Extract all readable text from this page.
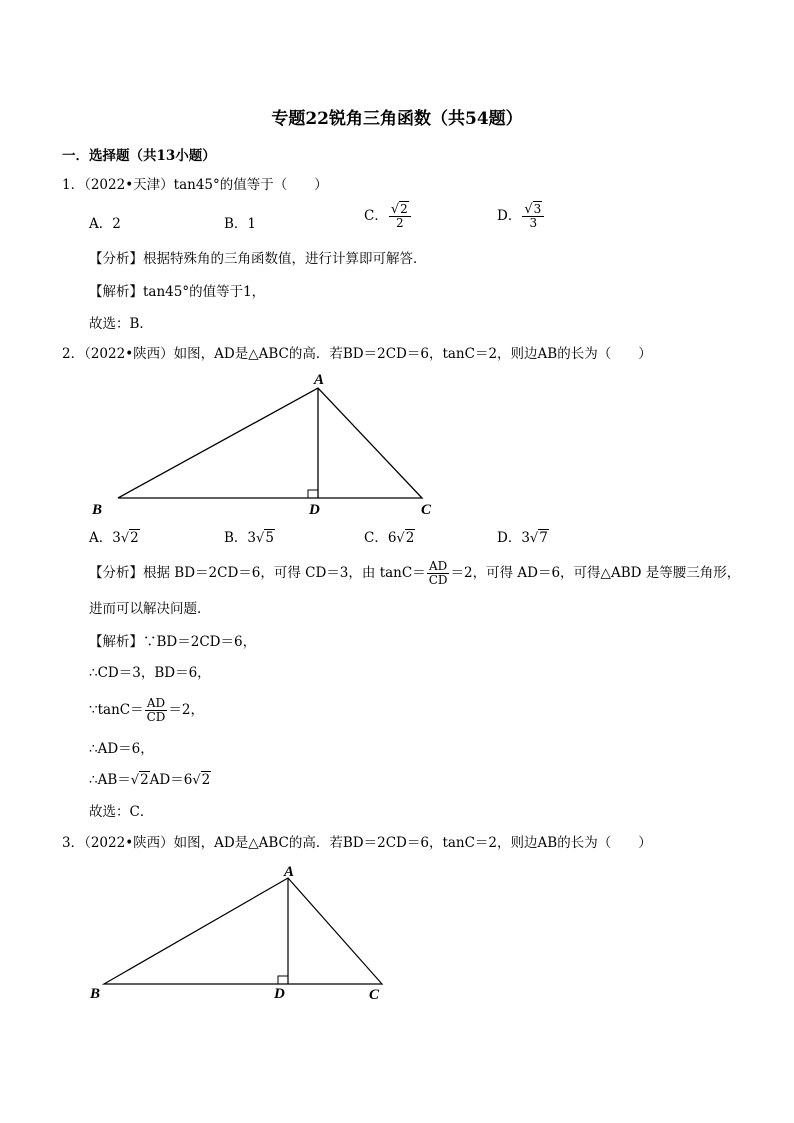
专题22锐角三角函数（共54题）
一．选择题（共13小题）
1．（2022•天津）tan45°的值等于（　　）
A．2	B．1	C． $\frac{√2}{2}$	D． $\frac{√3}{3}$
【分析】根据特殊角的三角函数值，进行计算即可解答．
【解析】tan45°的值等于1，
故选：B．
2．（2022•陕西）如图，AD是△ABC的高．若BD＝2CD＝6，tanC＝2，则边AB的长为（　　）
A
B	D	C
A．3√2	B．3√5	C．6√2	D．3√7
【分析】根据 BD＝2CD＝6，可得 CD＝3，由 $\tan C= \frac{AD}{CD} =2$，可得 AD＝6，可得△ABD 是等腰三角形，
进而可以解决问题．
【解析】∵BD＝2CD＝6，
∴CD＝3，BD＝6，
∵tanC＝ $\frac{AD}{CD} =2$，
∴AD＝6，
∴AB＝√2AD＝6√2
故选：C．
3．（2022•陕西）如图，AD是△ABC的高．若BD＝2CD＝6，tanC＝2，则边AB的长为（　　）
A
B	D	C
